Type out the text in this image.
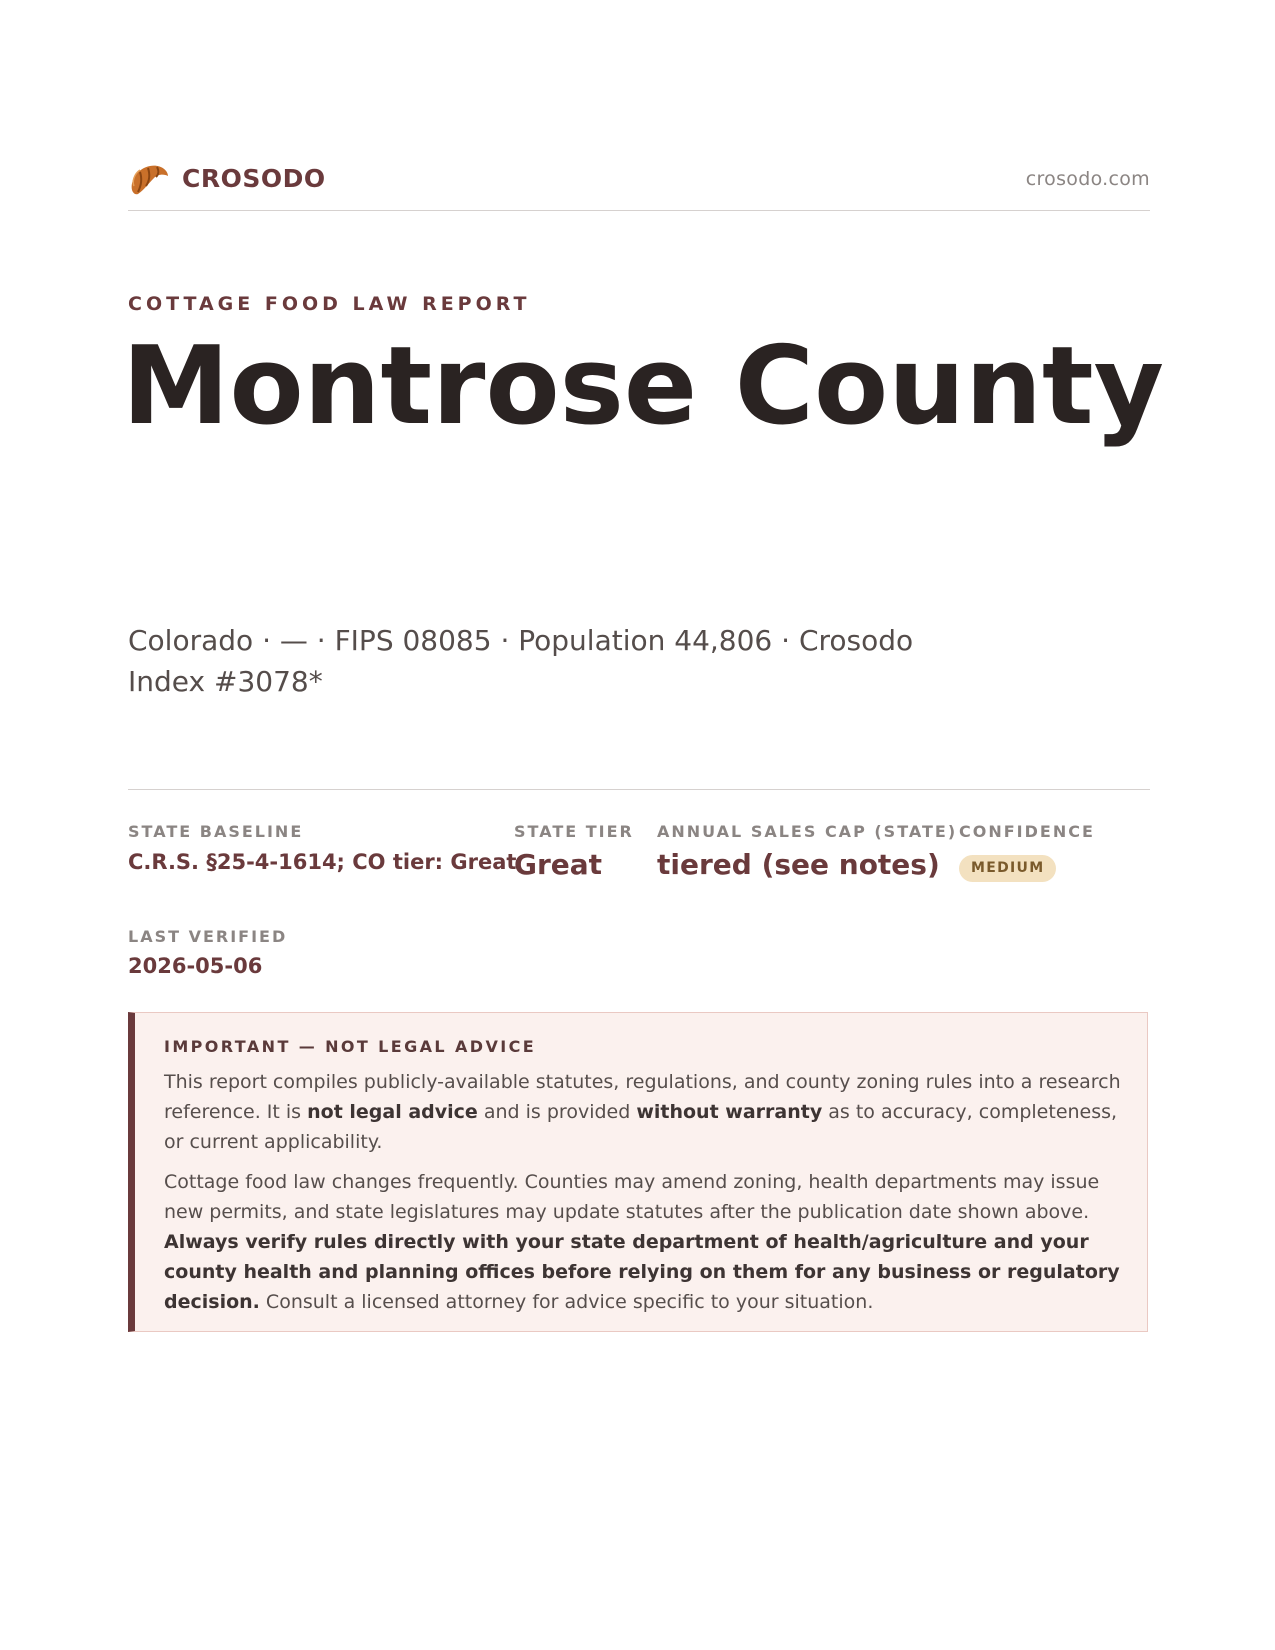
CROSODO	crosodo.com
COTTAGE FOOD LAW REPORT
Montrose County
Colorado · — · FIPS 08085 · Population 44,806 · Crosodo Index #3078*
STATE BASELINE
C.R.S. §25-4-1614; CO tier: Great
STATE TIER
Great
ANNUAL SALES CAP (STATE)
tiered (see notes)
CONFIDENCE
MEDIUM
LAST VERIFIED
2026-05-06
IMPORTANT — NOT LEGAL ADVICE

This report compiles publicly-available statutes, regulations, and county zoning rules into a research reference. It is not legal advice and is provided without warranty as to accuracy, completeness, or current applicability.

Cottage food law changes frequently. Counties may amend zoning, health departments may issue new permits, and state legislatures may update statutes after the publication date shown above. Always verify rules directly with your state department of health/agriculture and your county health and planning offices before relying on them for any business or regulatory decision. Consult a licensed attorney for advice specific to your situation.
